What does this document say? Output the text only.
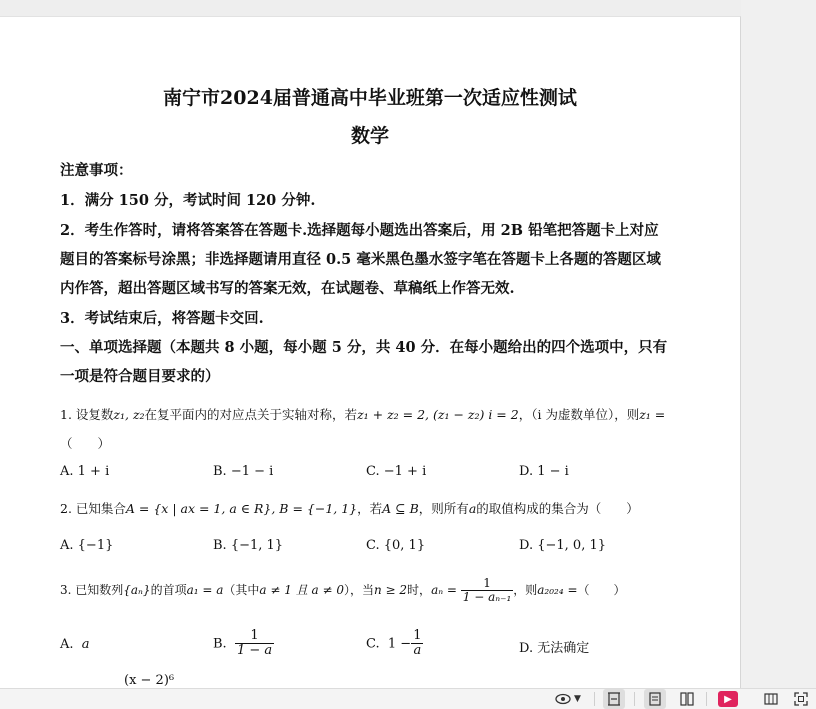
南宁市2024届普通高中毕业班第一次适应性测试
数学
注意事项：
1．满分 150 分，考试时间 120 分钟.
2．考生作答时，请将答案答在答题卡.选择题每小题选出答案后，用 2B 铅笔把答题卡上对应
题目的答案标号涂黑；非选择题请用直径 0.5 毫米黑色墨水签字笔在答题卡上各题的答题区域
内作答，超出答题区域书写的答案无效，在试题卷、草稿纸上作答无效.
3．考试结束后，将答题卡交回.
一、单项选择题（本题共 8 小题，每小题 5 分，共 40 分．在每小题给出的四个选项中，只有
一项是符合题目要求的）
1. 设复数z₁, z₂在复平面内的对应点关于实轴对称，若z₁ + z₂ = 2, (z₁ − z₂) i = 2，（i 为虚数单位），则z₁ =
（　　）
A. 1 + i	B. −1 − i	C. −1 + i	D. 1 − i
2. 已知集合A = {x | ax = 1, a ∈ R}, B = {−1, 1}，若A ⊆ B，则所有a的取值构成的集合为（　　）
A. {−1}	B. {−1, 1}	C. {0, 1}	D. {−1, 0, 1}
3. 已知数列{aₙ}的首项a₁ = a（其中a ≠ 1 且 a ≠ 0），当n ≥ 2时，$a_n = \frac{1}{\text{1 − aₙ₋₁}}$ ，则a₂₀₂₄ =（　　）
A. a	B. $\frac{1}{1 - a}$	C. $1 - \frac{1}{a}$	D. 无法确定
(x − 2)⁶
▼	▶
